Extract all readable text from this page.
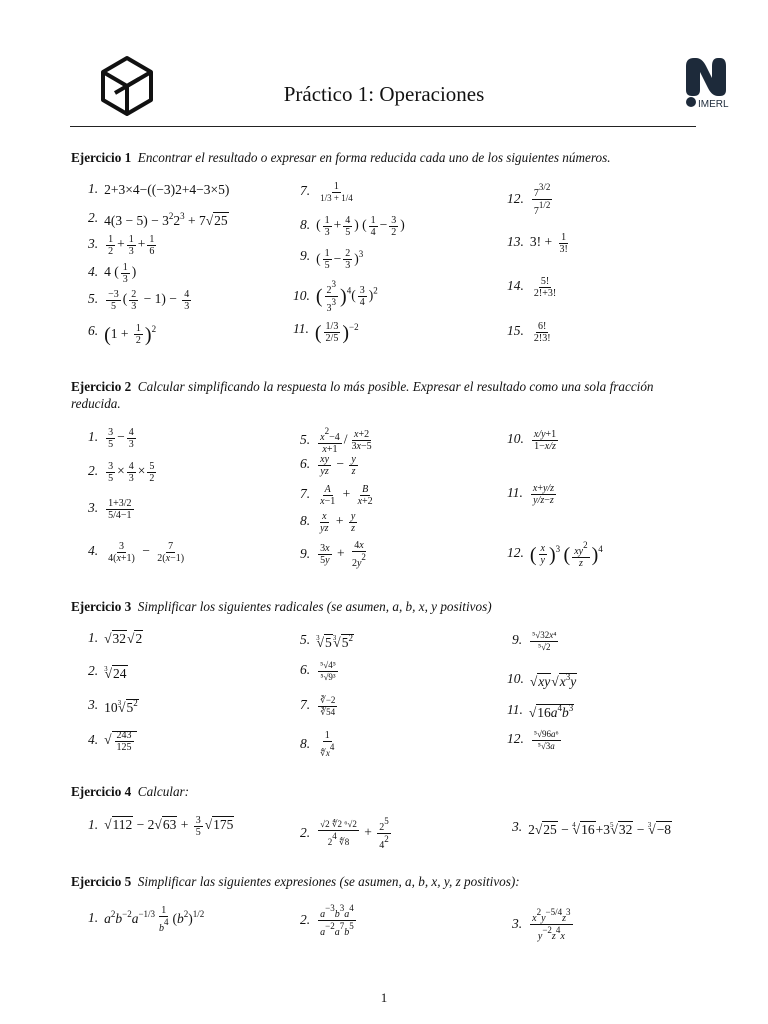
IMERL
Práctico 1: Operaciones
Ejercicio 1 Encontrar el resultado o expresar en forma reducida cada uno de los siguientes números.
1. 2+3×4−((−3)2+4−3×5)
2. $4(3 - 5) - 3^22^3 + 7√$ 25
3. $\frac{1}{2} + \frac{1}{3} + \frac{1}{6}$
4. 4 ( $\frac{1}{3}$ )
5. $\frac{-3}{5}$ ( $\frac{2}{3} - 1) - \frac{4}{3}$
6. $(1 + \frac{1}{2} )^2$
7. $\frac{1}{1/3 + 1/4}$
8. ( $\frac{1}{3} + \frac{4}{5}$ ) ( $\frac{1}{4} - \frac{3}{2}$ )
9. ( $\frac{1}{5} - \frac{2}{3} )^3$
10. ( $\frac{2^3}{3^3} )^4( \frac{3}{4} )^2$
11. ( $\frac{1/3}{2/5} )^{-2}$
12. $\frac{7^{3/2}}{7^{1/2}}$
13. 3! + $\frac{1}{3!}$
14. $\frac{5!}{2!+3!}$
15. $\frac{6!}{2!3!}$
Ejercicio 2 Calcular simplificando la respuesta lo más posible. Expresar el resultado como una sola fracción reducida.
1. $\frac{3}{5} - \frac{4}{3}$
2. $\frac{3}{5} \times \frac{4}{3} \times \frac{5}{2}$
3. $\frac{1+3/2}{5/4-1}$
4. $\frac{3}{4(x+1)} - \frac{7}{2(x-1)}$
5. $\frac{x^2-4}{x+1} / \frac{x+2}{3x-5}$
6. $\frac{xy}{yz} - \frac{y}{z}$
7. $\frac{A}{x-1} + \frac{B}{x+2}$
8. $\frac{x}{yz} + \frac{y}{z}$
9. $\frac{3x}{5y} + \frac{4x}{2y^2}$
10. $\frac{x/y+1}{1-x/z}$
11. $\frac{x+y/z}{y/z-z}$
12. ( $\frac{x}{y} )^3$ ( $\frac{xy^2}{z} )^4$
Ejercicio 3 Simplificar los siguientes radicales (se asumen, a, b, x, y positivos)
1.√ 32√ 2
2. $^3$√ 24
3. $10^3√$ $5^2$
$4.√ \frac{243}{125}$
5. $^3$√ $5^3√$ $5^2$
6. $\frac{\text{⁵√4⁵}}{\text{⁵√9³}}$
7. $\frac{∛-2}{∛54}$
8. $\frac{1}{∜x^4}$
9. $\frac{\text{⁵√32x⁴}}{\text{⁵√2}}$
10.√ xy√ $x^3y$
11.√ $16a^4b^3$
12. $\frac{\text{⁵√96a⁶}}{\text{⁵√3a}}$
Ejercicio 4 Calcular:
1.√ 112 − 2√ $63 + \frac{3}{5}$
√ 175	2. $\frac{\text{√2 ∜2 ⁶√2}}{2^4 ∜8} + \frac{2^5}{4^2}$	3. 2√ 25 − $^4$√ $16+3^5√$ 32 − $^3$√ −8
Ejercicio 5 Simplificar las siguientes expresiones (se asumen, a, b, x, y, z positivos):
1. $a^2b^{-2}a^{-1/3} \frac{1}{b^4} (b^2)^{1/2}$	2. $\frac{a^{-3}b^3a^4}{a^{-2}a^7b^5}$	3. $\frac{x^2y^{-5/4}z^3}{y^{-2}z^4x}$
1
